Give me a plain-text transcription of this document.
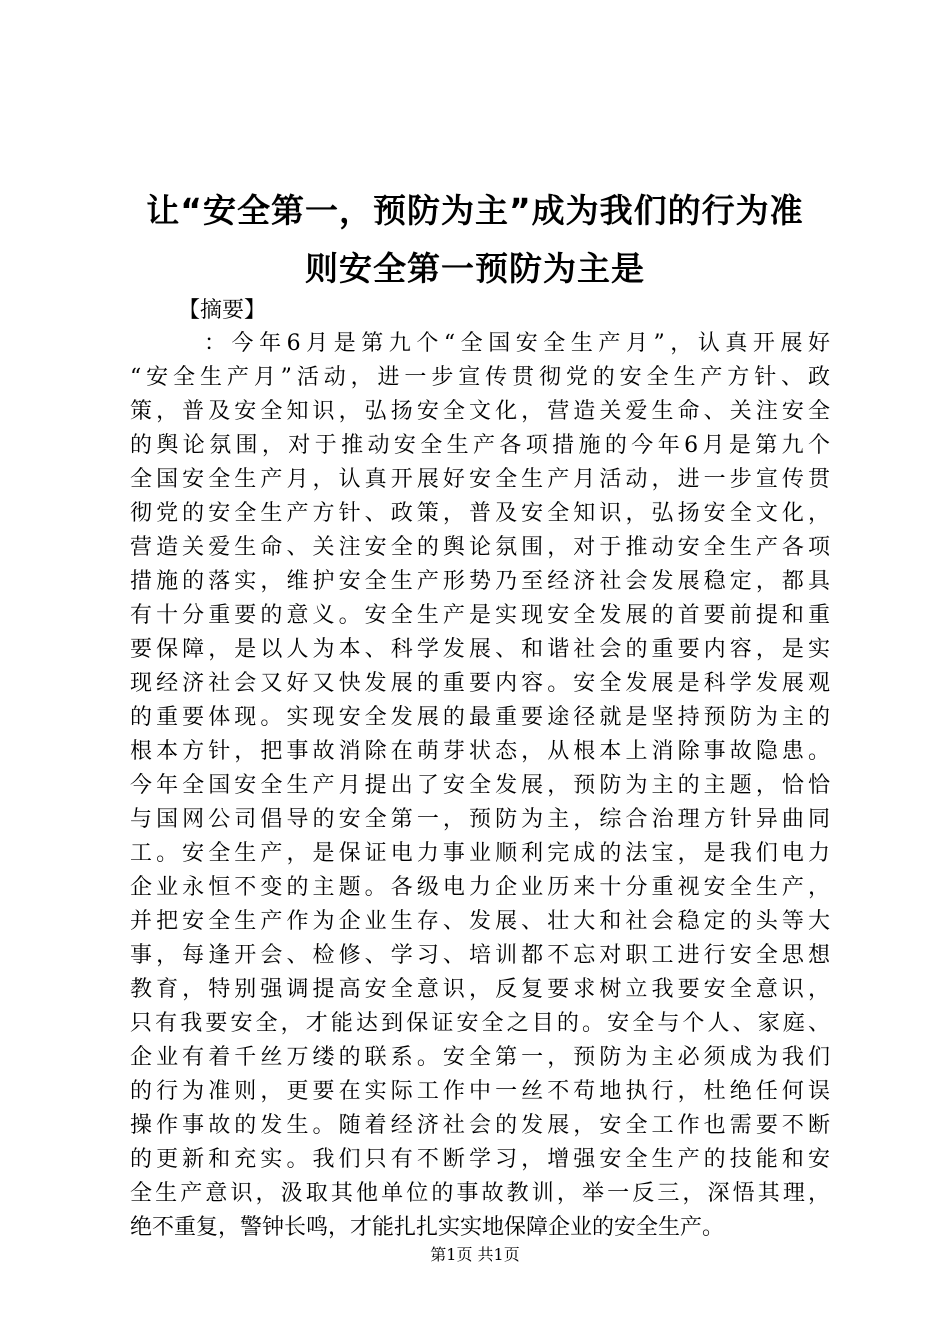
让“安全第一，预防为主”成为我们的行为准
则安全第一预防为主是
【摘要】
：今年6月是第九个“全国安全生产月”，认真开展好
“安全生产月”活动，进一步宣传贯彻党的安全生产方针、政
策，普及安全知识，弘扬安全文化，营造关爱生命、关注安全
的舆论氛围，对于推动安全生产各项措施的今年6月是第九个
全国安全生产月，认真开展好安全生产月活动，进一步宣传贯
彻党的安全生产方针、政策，普及安全知识，弘扬安全文化，
营造关爱生命、关注安全的舆论氛围，对于推动安全生产各项
措施的落实，维护安全生产形势乃至经济社会发展稳定，都具
有十分重要的意义。安全生产是实现安全发展的首要前提和重
要保障，是以人为本、科学发展、和谐社会的重要内容，是实
现经济社会又好又快发展的重要内容。安全发展是科学发展观
的重要体现。实现安全发展的最重要途径就是坚持预防为主的
根本方针，把事故消除在萌芽状态，从根本上消除事故隐患。
今年全国安全生产月提出了安全发展，预防为主的主题，恰恰
与国网公司倡导的安全第一，预防为主，综合治理方针异曲同
工。安全生产，是保证电力事业顺利完成的法宝，是我们电力
企业永恒不变的主题。各级电力企业历来十分重视安全生产，
并把安全生产作为企业生存、发展、壮大和社会稳定的头等大
事，每逢开会、检修、学习、培训都不忘对职工进行安全思想
教育，特别强调提高安全意识，反复要求树立我要安全意识，
只有我要安全，才能达到保证安全之目的。安全与个人、家庭、
企业有着千丝万缕的联系。安全第一，预防为主必须成为我们
的行为准则，更要在实际工作中一丝不苟地执行，杜绝任何误
操作事故的发生。随着经济社会的发展，安全工作也需要不断
的更新和充实。我们只有不断学习，增强安全生产的技能和安
全生产意识，汲取其他单位的事故教训，举一反三，深悟其理，
绝不重复，警钟长鸣，才能扎扎实实地保障企业的安全生产。
第1页 共1页
